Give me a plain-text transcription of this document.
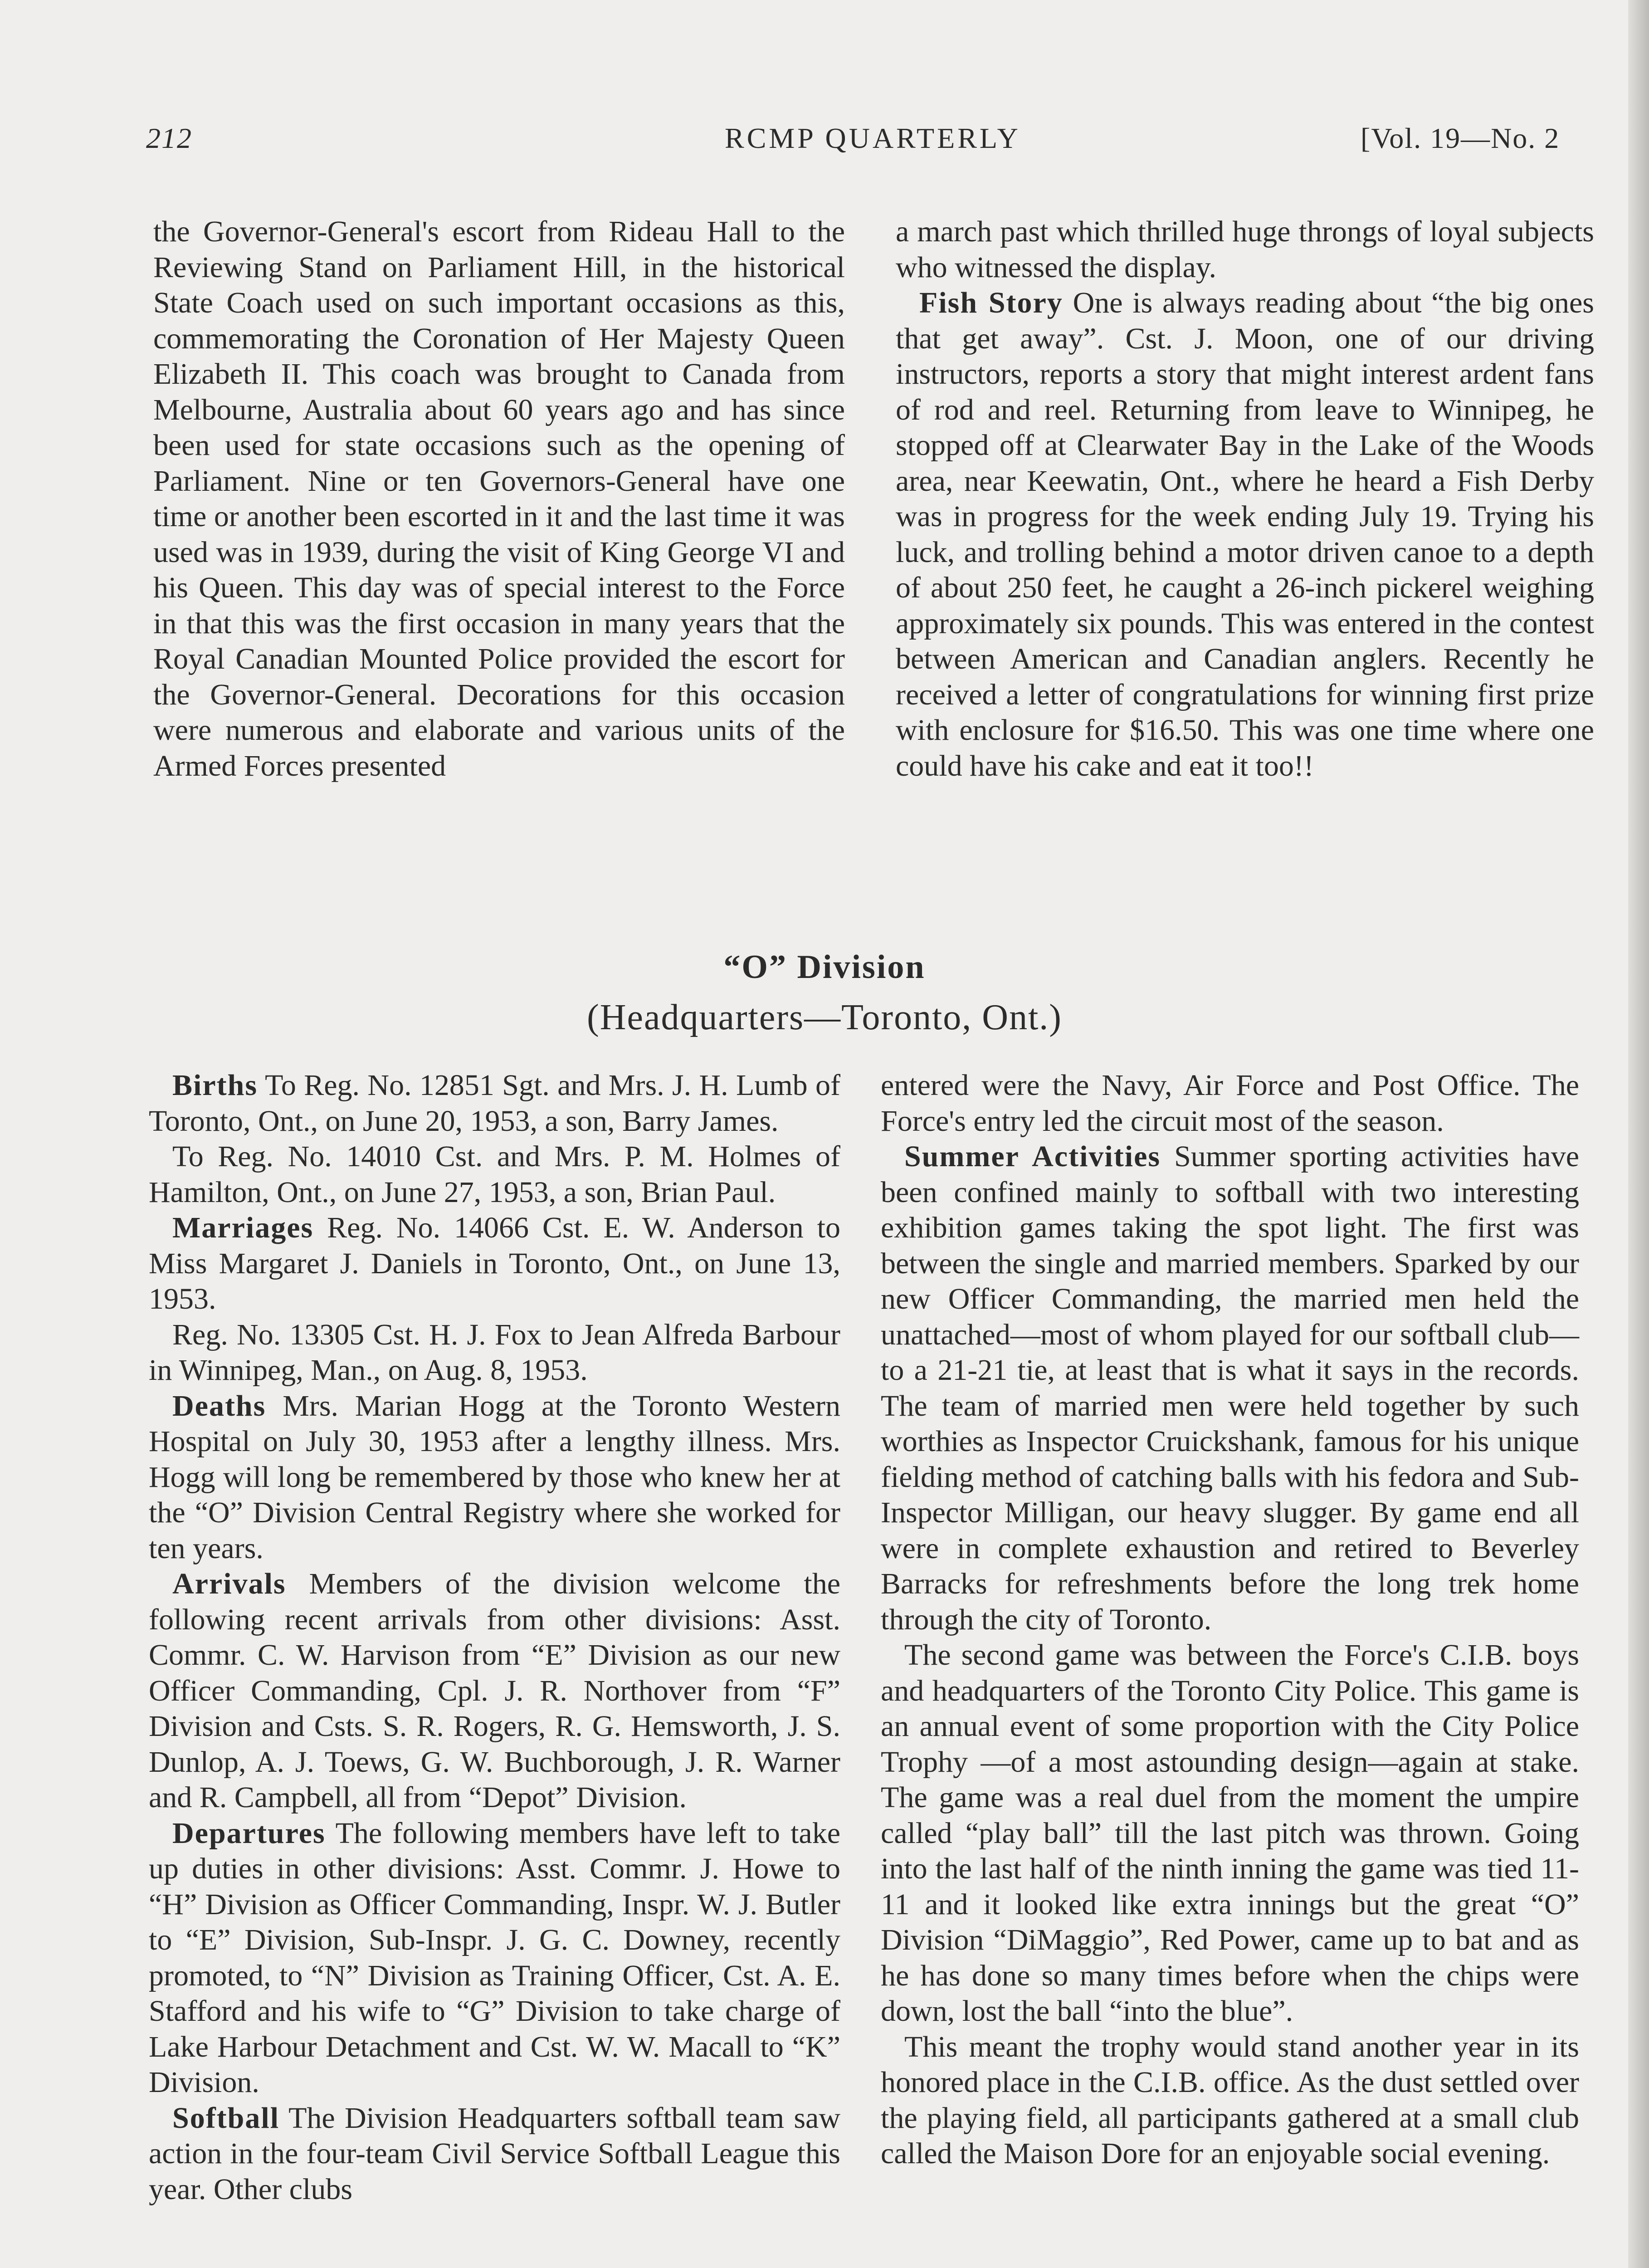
212	RCMP QUARTERLY	[Vol. 19—No. 2

the Governor-General's escort from Rideau Hall to the Reviewing Stand on Parliament Hill, in the historical State Coach used on such important occasions as this, commemorating the Coronation of Her Majesty Queen Elizabeth II. This coach was brought to Canada from Melbourne, Australia about 60 years ago and has since been used for state occasions such as the opening of Parliament. Nine or ten Governors-General have one time or another been escorted in it and the last time it was used was in 1939, during the visit of King George VI and his Queen. This day was of special interest to the Force in that this was the first occasion in many years that the Royal Canadian Mounted Police provided the escort for the Governor-General. Decorations for this occasion were numerous and elaborate and various units of the Armed Forces presented

a march past which thrilled huge throngs of loyal subjects who witnessed the display.

Fish Story One is always reading about “the big ones that get away”. Cst. J. Moon, one of our driving instructors, reports a story that might interest ardent fans of rod and reel. Returning from leave to Winnipeg, he stopped off at Clearwater Bay in the Lake of the Woods area, near Keewatin, Ont., where he heard a Fish Derby was in progress for the week ending July 19. Trying his luck, and trolling behind a motor driven canoe to a depth of about 250 feet, he caught a 26-inch pickerel weighing approximately six pounds. This was entered in the contest between American and Canadian anglers. Recently he received a letter of congratulations for winning first prize with enclosure for $16.50. This was one time where one could have his cake and eat it too!!

“O” Division
(Headquarters—Toronto, Ont.)

Births To Reg. No. 12851 Sgt. and Mrs. J. H. Lumb of Toronto, Ont., on June 20, 1953, a son, Barry James.

To Reg. No. 14010 Cst. and Mrs. P. M. Holmes of Hamilton, Ont., on June 27, 1953, a son, Brian Paul.

Marriages Reg. No. 14066 Cst. E. W. Anderson to Miss Margaret J. Daniels in Toronto, Ont., on June 13, 1953.

Reg. No. 13305 Cst. H. J. Fox to Jean Alfreda Barbour in Winnipeg, Man., on Aug. 8, 1953.

Deaths Mrs. Marian Hogg at the Toronto Western Hospital on July 30, 1953 after a lengthy illness. Mrs. Hogg will long be remembered by those who knew her at the “O” Division Central Registry where she worked for ten years.

Arrivals Members of the division welcome the following recent arrivals from other divisions: Asst. Commr. C. W. Harvison from “E” Division as our new Officer Commanding, Cpl. J. R. Northover from “F” Division and Csts. S. R. Rogers, R. G. Hemsworth, J. S. Dunlop, A. J. Toews, G. W. Buchborough, J. R. Warner and R. Campbell, all from “Depot” Division.

Departures The following members have left to take up duties in other divisions: Asst. Commr. J. Howe to “H” Division as Officer Commanding, Inspr. W. J. Butler to “E” Division, Sub-Inspr. J. G. C. Downey, recently promoted, to “N” Division as Training Officer, Cst. A. E. Stafford and his wife to “G” Division to take charge of Lake Harbour Detachment and Cst. W. W. Macall to “K” Division.

Softball The Division Headquarters softball team saw action in the four-team Civil Service Softball League this year. Other clubs

entered were the Navy, Air Force and Post Office. The Force's entry led the circuit most of the season.

Summer Activities Summer sporting activities have been confined mainly to softball with two interesting exhibition games taking the spot light. The first was between the single and married members. Sparked by our new Officer Commanding, the married men held the unattached—most of whom played for our softball club—to a 21-21 tie, at least that is what it says in the records. The team of married men were held together by such worthies as Inspector Cruickshank, famous for his unique fielding method of catching balls with his fedora and Sub-Inspector Milligan, our heavy slugger. By game end all were in complete exhaustion and retired to Beverley Barracks for refreshments before the long trek home through the city of Toronto.

The second game was between the Force's C.I.B. boys and headquarters of the Toronto City Police. This game is an annual event of some proportion with the City Police Trophy —of a most astounding design—again at stake. The game was a real duel from the moment the umpire called “play ball” till the last pitch was thrown. Going into the last half of the ninth inning the game was tied 11-11 and it looked like extra innings but the great “O” Division “DiMaggio”, Red Power, came up to bat and as he has done so many times before when the chips were down, lost the ball “into the blue”.

This meant the trophy would stand another year in its honored place in the C.I.B. office. As the dust settled over the playing field, all participants gathered at a small club called the Maison Dore for an enjoyable social evening.
